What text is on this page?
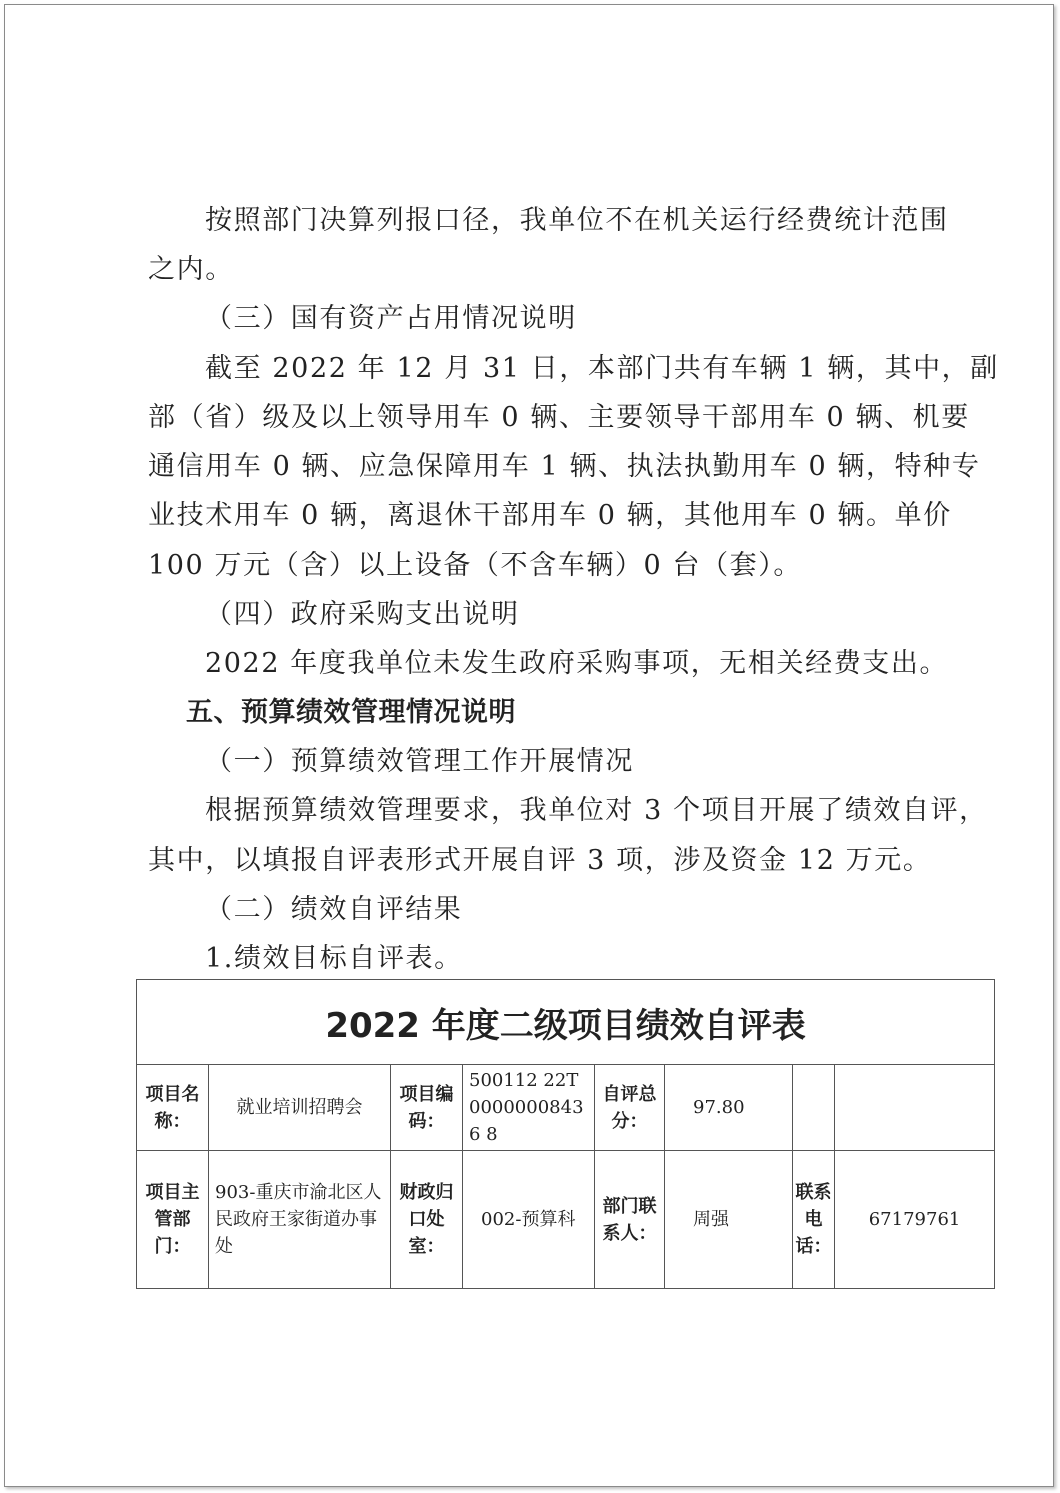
按照部门决算列报口径，我单位不在机关运行经费统计范围
之内。
（三）国有资产占用情况说明
截至 2022 年 12 月 31 日，本部门共有车辆 1 辆，其中，副
部（省）级及以上领导用车 0 辆、主要领导干部用车 0 辆、机要
通信用车 0 辆、应急保障用车 1 辆、执法执勤用车 0 辆，特种专
业技术用车 0 辆，离退休干部用车 0 辆，其他用车 0 辆。单价
100 万元（含）以上设备（不含车辆）0 台（套）。
（四）政府采购支出说明
2022 年度我单位未发生政府采购事项，无相关经费支出。
五、预算绩效管理情况说明
（一）预算绩效管理工作开展情况
根据预算绩效管理要求，我单位对 3 个项目开展了绩效自评，
其中，以填报自评表形式开展自评 3 项，涉及资金 12 万元。
（二）绩效自评结果
1.绩效目标自评表。
2022 年度二级项目绩效自评表							
项目名称：	就业培训招聘会	项目编码：	500112 22T00000008436 8	自评总分：	97.80		
项目主管部门：	903-重庆市渝北区人民政府王家街道办事处	财政归口处室：	002-预算科	部门联系人：	周强	联系电话：	67179761
